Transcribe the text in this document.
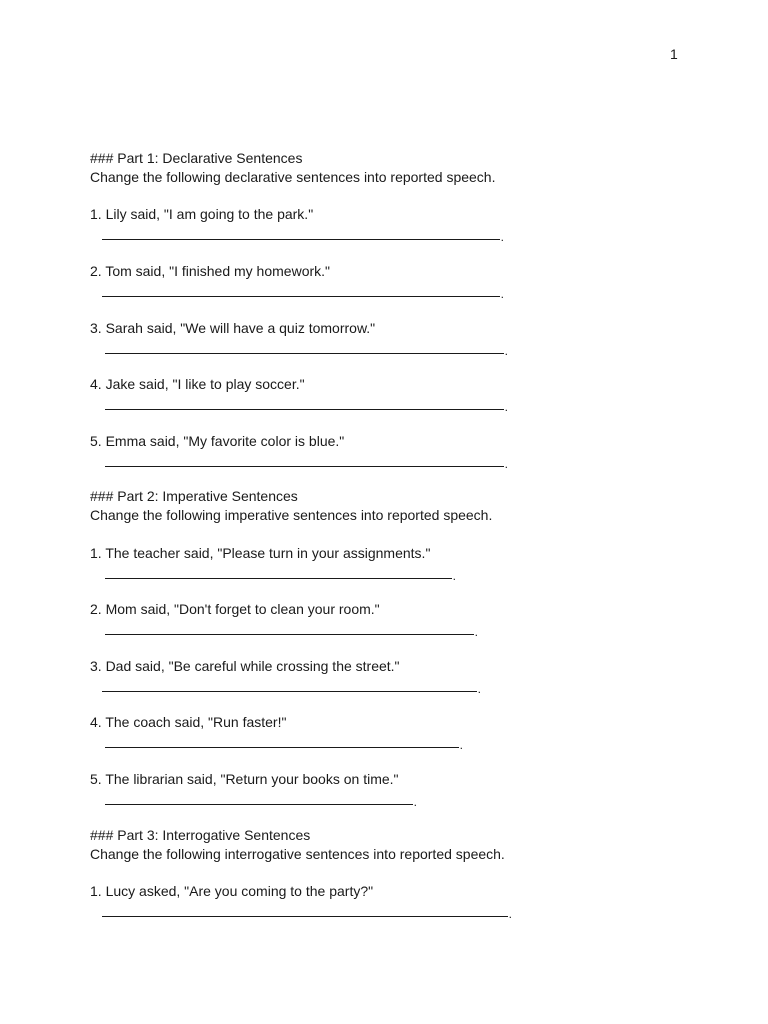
1
### Part 1: Declarative Sentences
Change the following declarative sentences into reported speech.
1. Lily said, "I am going to the park."
.
2. Tom said, "I finished my homework."
.
3. Sarah said, "We will have a quiz tomorrow."
.
4. Jake said, "I like to play soccer."
.
5. Emma said, "My favorite color is blue."
.
### Part 2: Imperative Sentences
Change the following imperative sentences into reported speech.
1. The teacher said, "Please turn in your assignments."
.
2. Mom said, "Don't forget to clean your room."
.
3. Dad said, "Be careful while crossing the street."
.
4. The coach said, "Run faster!"
.
5. The librarian said, "Return your books on time."
.
### Part 3: Interrogative Sentences
Change the following interrogative sentences into reported speech.
1. Lucy asked, "Are you coming to the party?"
.
